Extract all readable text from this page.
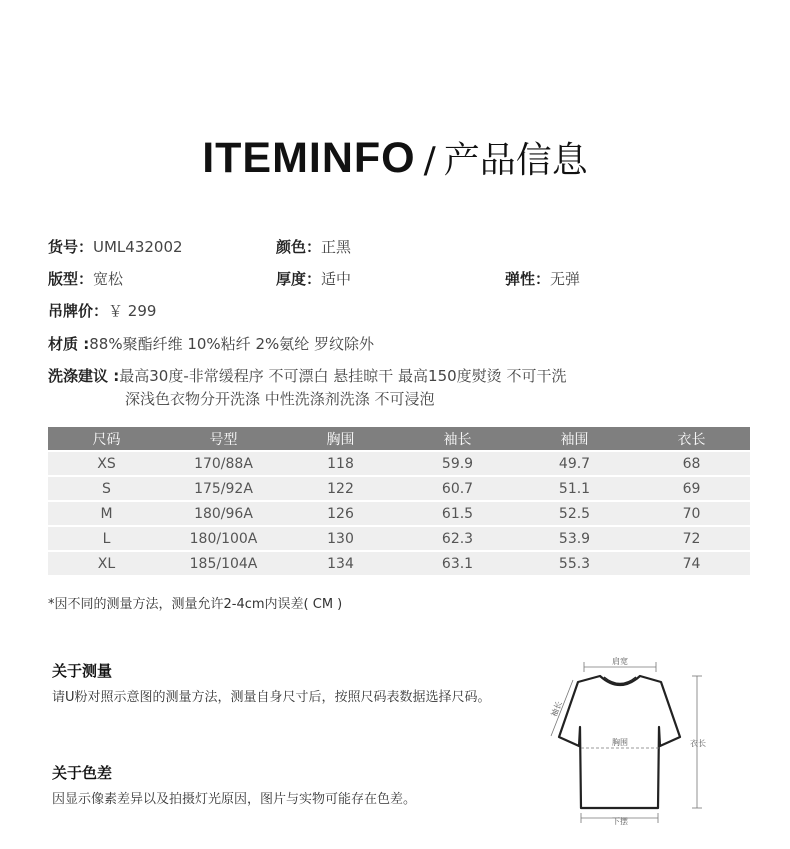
ITEMINFO / 产品信息
货号：UML432002	颜色：正黑
版型：宽松	厚度：适中	弹性：无弹
吊牌价：￥ 299
材质 :88%聚酯纤维 10%粘纤 2%氨纶 罗纹除外
洗涤建议 :最高30度-非常缓程序 不可漂白 悬挂晾干 最高150度熨烫 不可干洗
深浅色衣物分开洗涤 中性洗涤剂洗涤 不可浸泡
尺码	号型	胸围	袖长	袖围	衣长
XS	170/88A	118	59.9	49.7	68
S	175/92A	122	60.7	51.1	69
M	180/96A	126	61.5	52.5	70
L	180/100A	130	62.3	53.9	72
XL	185/104A	134	63.1	55.3	74
*因不同的测量方法，测量允许2-4cm内误差( CM )
关于测量
请U粉对照示意图的测量方法，测量自身尺寸后，按照尺码表数据选择尺码。
关于色差
因显示像素差异以及拍摄灯光原因，图片与实物可能存在色差。
肩宽
胸围
下摆
衣长
袖长
